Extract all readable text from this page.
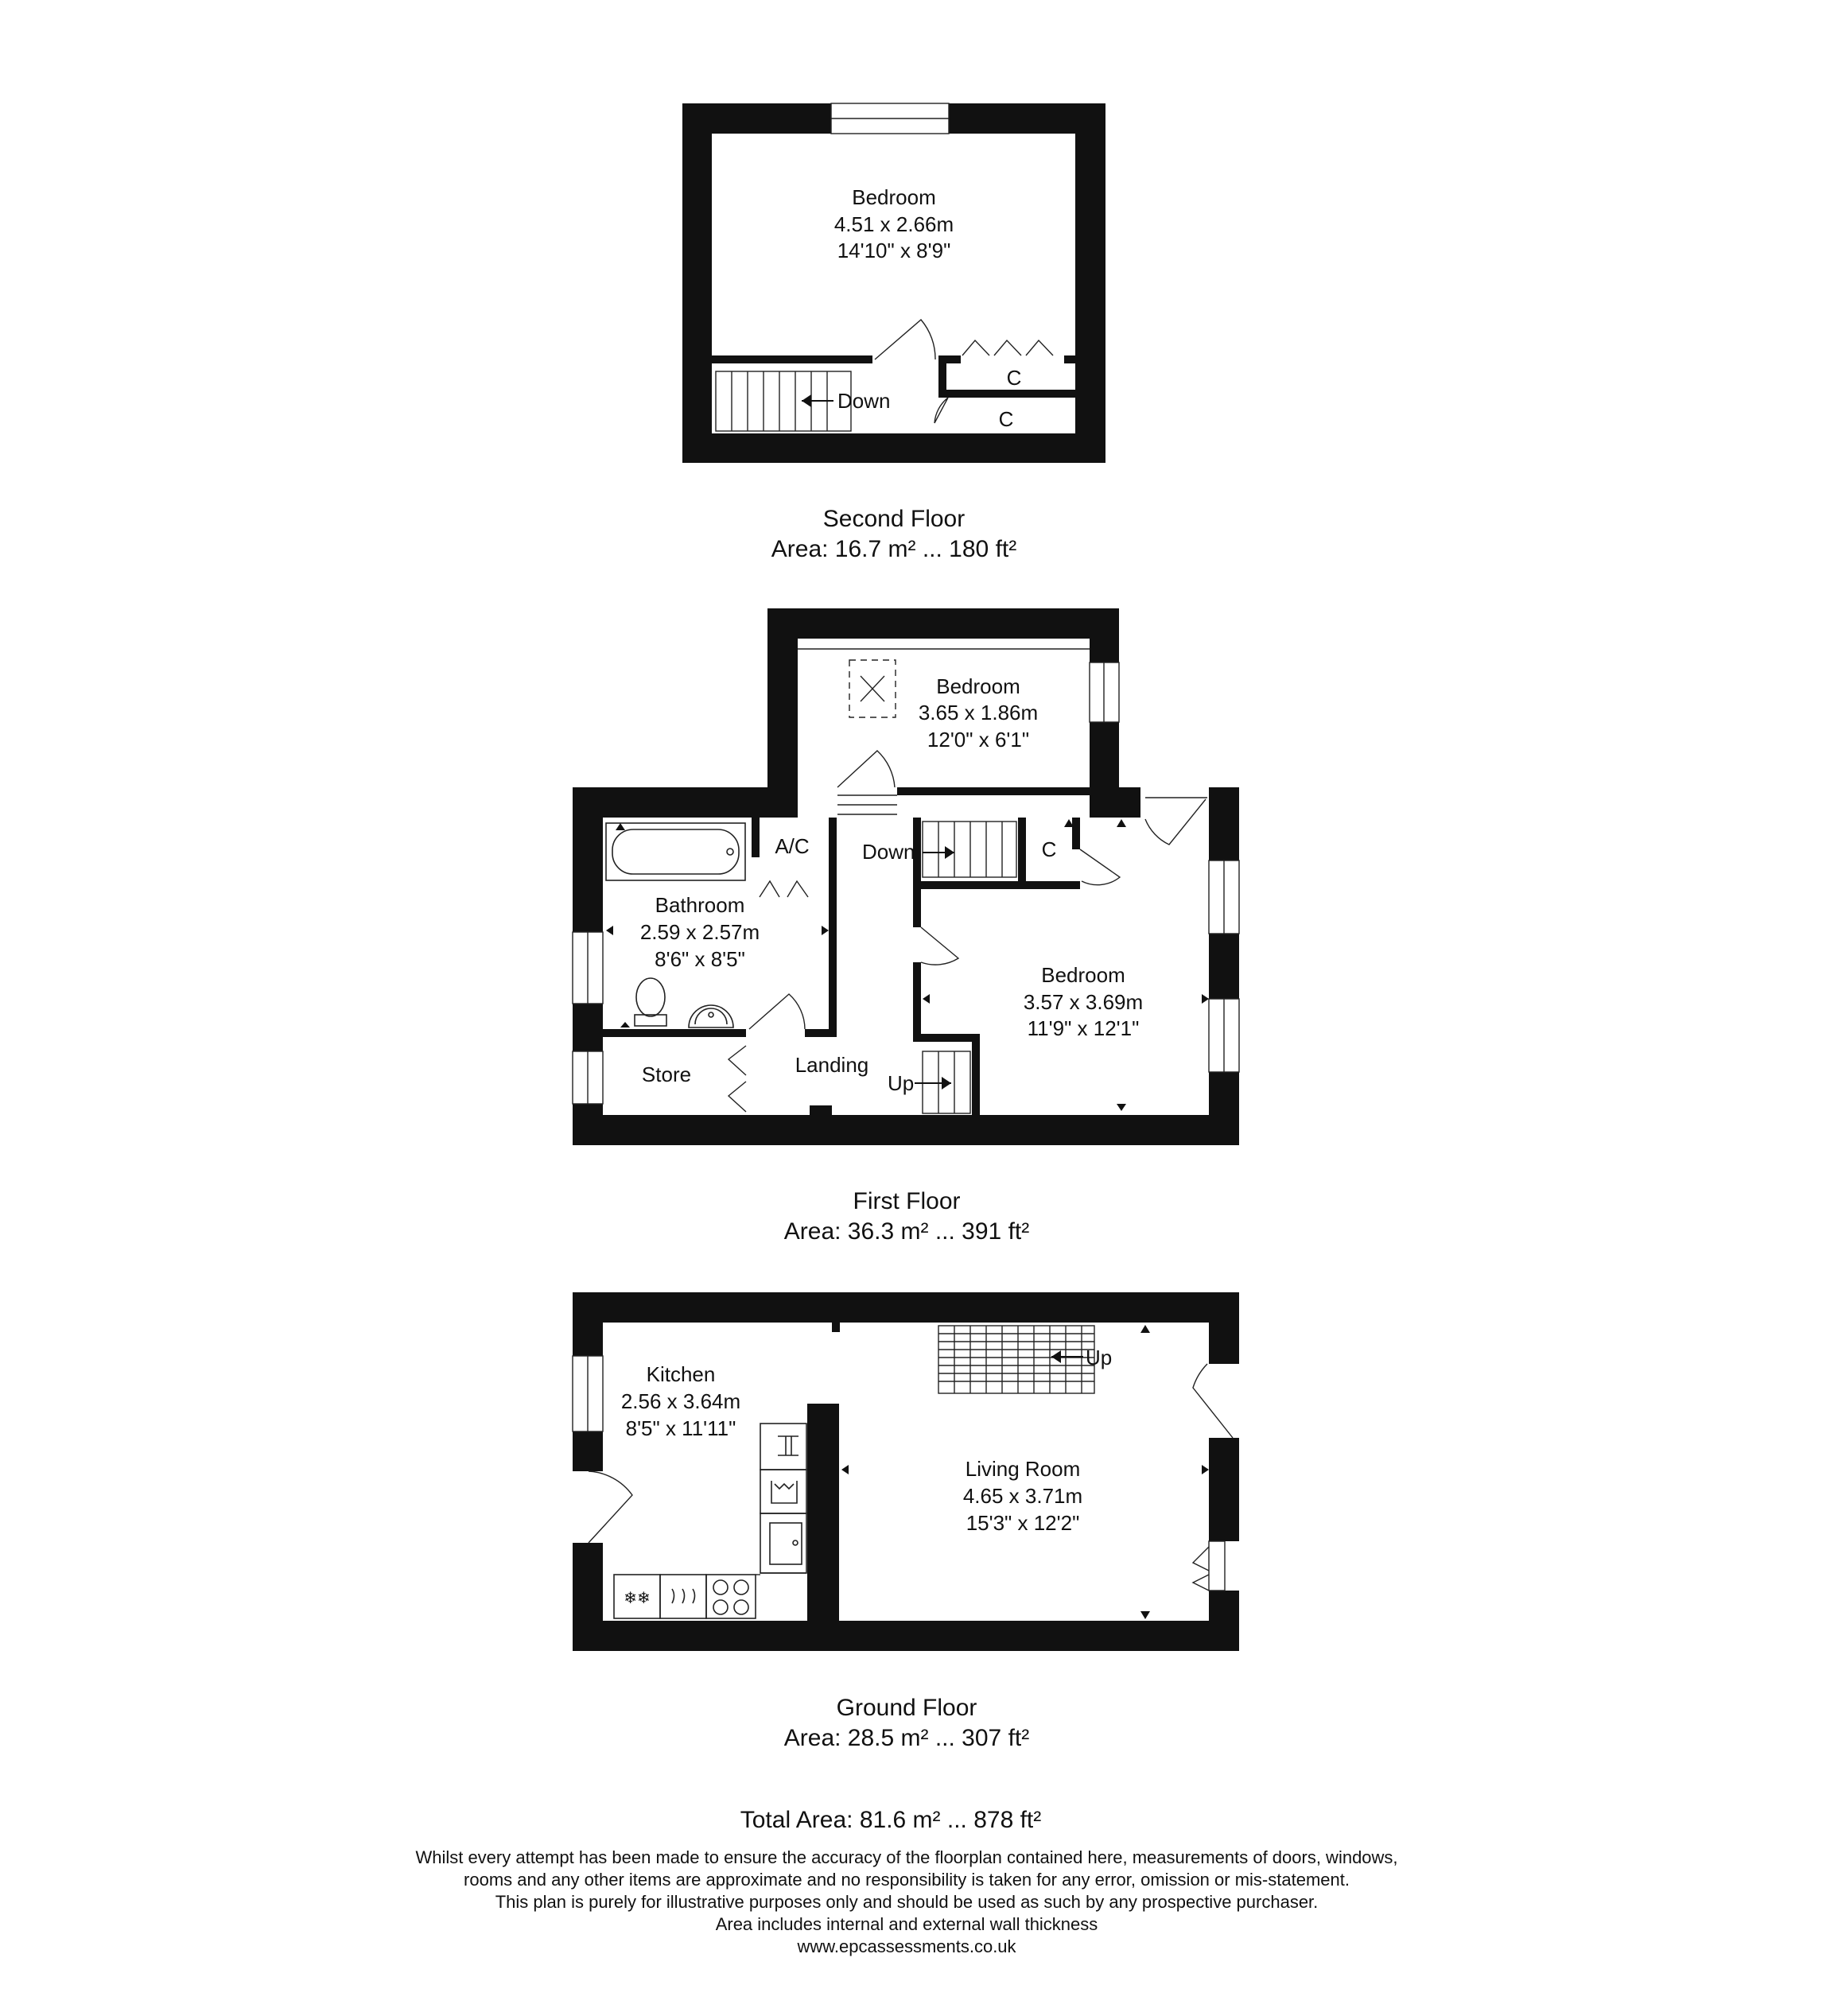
Bedroom
4.51 x 2.66m
14'10" x 8'9"
Down
C
C
Second Floor
Area: 16.7 m² ... 180 ft²
Bedroom
3.65 x 1.86m
12'0" x 6'1"
Bathroom
2.59 x 2.57m
8'6" x 8'5"
Bedroom
3.57 x 3.69m
11'9" x 12'1"
A/C	Down	C
Store	Landing
Up
First Floor
Area: 36.3 m² ... 391 ft²
❄❄
Kitchen
2.56 x 3.64m
8'5" x 11'11"
Living Room
4.65 x 3.71m
15'3" x 12'2"
Up
Ground Floor
Area: 28.5 m² ... 307 ft²
Total Area: 81.6 m² ... 878 ft²
Whilst every attempt has been made to ensure the accuracy of the floorplan contained here, measurements of doors, windows,
rooms and any other items are approximate and no responsibility is taken for any error, omission or mis-statement.
This plan is purely for illustrative purposes only and should be used as such by any prospective purchaser.
Area includes internal and external wall thickness
www.epcassessments.co.uk
